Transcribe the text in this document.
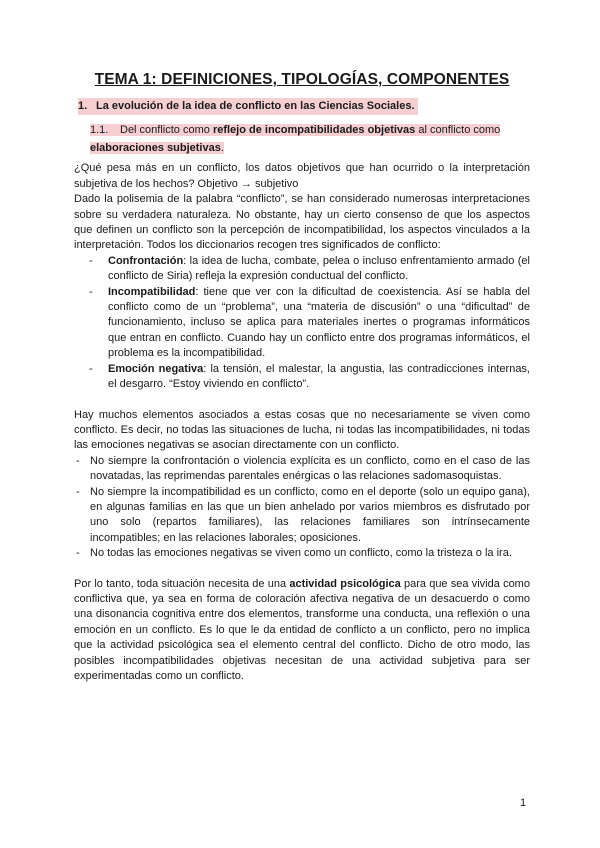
TEMA 1: DEFINICIONES, TIPOLOGÍAS, COMPONENTES
1. La evolución de la idea de conflicto en las Ciencias Sociales.
1.1. Del conflicto como reflejo de incompatibilidades objetivas al conflicto como
elaboraciones subjetivas.

¿Qué pesa más en un conflicto, los datos objetivos que han ocurrido o la interpretación subjetiva de los hechos? Objetivo → subjetivo

Dado la polisemia de la palabra “conflicto”, se han considerado numerosas interpretaciones sobre su verdadera naturaleza. No obstante, hay un cierto consenso de que los aspectos que definen un conflicto son la percepción de incompatibilidad, los aspectos vinculados a la interpretación. Todos los diccionarios recogen tres significados de conflicto:

- Confrontación: la idea de lucha, combate, pelea o incluso enfrentamiento armado (el conflicto de Siria) refleja la expresión conductual del conflicto.
- Incompatibilidad: tiene que ver con la dificultad de coexistencia. Así se habla del conflicto como de un “problema”, una “materia de discusión” o una “dificultad” de funcionamiento, incluso se aplica para materiales inertes o programas informáticos que entran en conflicto. Cuando hay un conflicto entre dos programas informáticos, el problema es la incompatibilidad.
- Emoción negativa: la tensión, el malestar, la angustia, las contradicciones internas, el desgarro. “Estoy viviendo en conflicto”.

Hay muchos elementos asociados a estas cosas que no necesariamente se viven como conflicto. Es decir, no todas las situaciones de lucha, ni todas las incompatibilidades, ni todas las emociones negativas se asocian directamente con un conflicto.

- No siempre la confrontación o violencia explícita es un conflicto, como en el caso de las novatadas, las reprimendas parentales enérgicas o las relaciones sadomasoquistas.
- No siempre la incompatibilidad es un conflicto, como en el deporte (solo un equipo gana), en algunas familias en las que un bien anhelado por varios miembros es disfrutado por uno solo (repartos familiares), las relaciones familiares son intrínsecamente incompatibles; en las relaciones laborales; oposiciones.
- No todas las emociones negativas se viven como un conflicto, como la tristeza o la ira.

Por lo tanto, toda situación necesita de una actividad psicológica para que sea vivida como conflictiva que, ya sea en forma de coloración afectiva negativa de un desacuerdo o como una disonancia cognitiva entre dos elementos, transforme una conducta, una reflexión o una emoción en un conflicto. Es lo que le da entidad de conflicto a un conflicto, pero no implica que la actividad psicológica sea el elemento central del conflicto. Dicho de otro modo, las posibles incompatibilidades objetivas necesitan de una actividad subjetiva para ser experimentadas como un conflicto.

1
